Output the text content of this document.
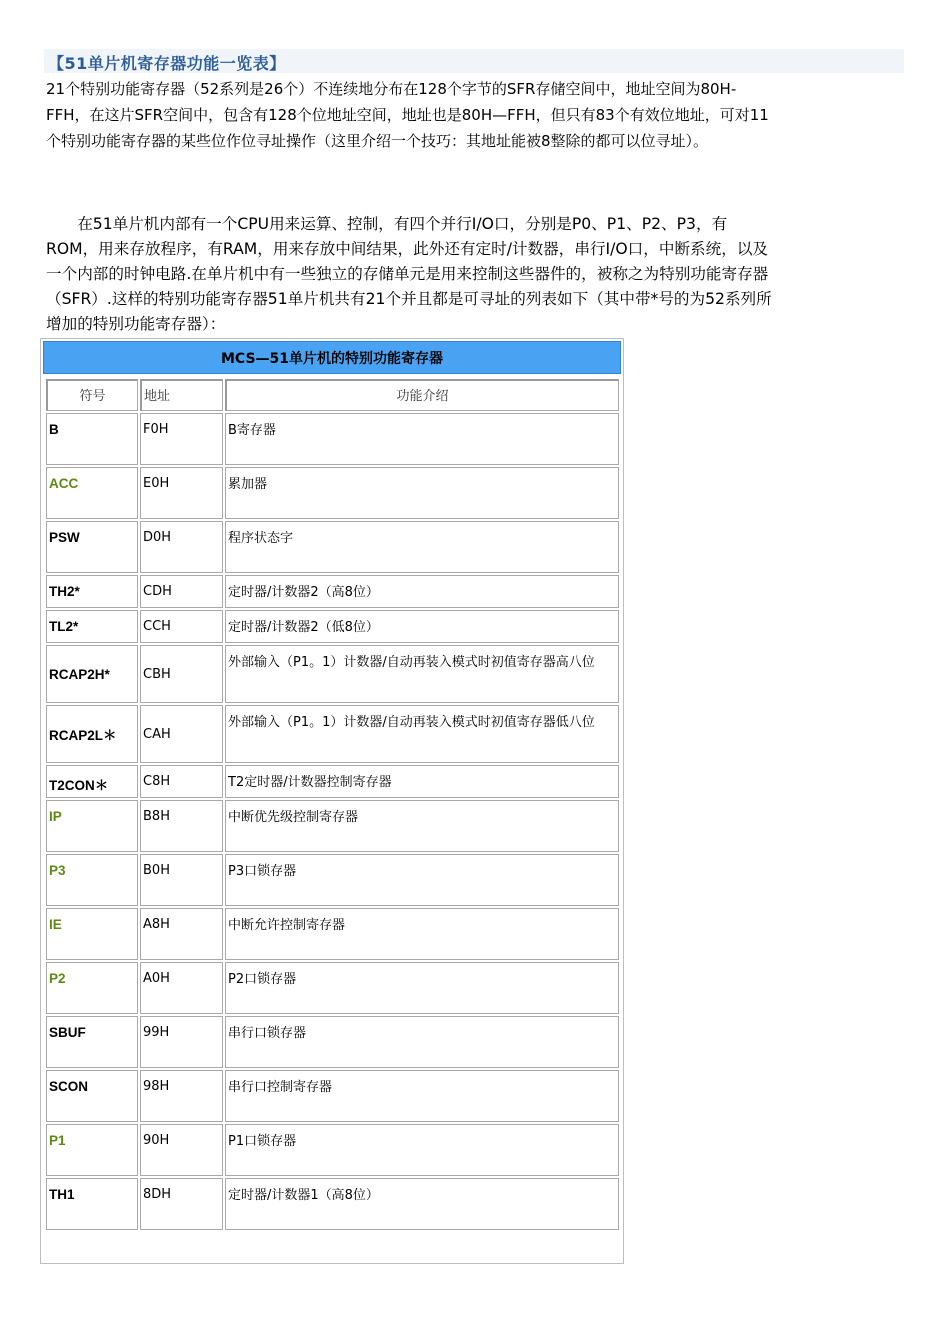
【51单片机寄存器功能一览表】

21个特别功能寄存器（52系列是26个）不连续地分布在128个字节的SFR存储空间中，地址空间为80H-

FFH，在这片SFR空间中，包含有128个位地址空间，地址也是80H—FFH，但只有83个有效位地址，可对11

个特别功能寄存器的某些位作位寻址操作（这里介绍一个技巧：其地址能被8整除的都可以位寻址）。

　　在51单片机内部有一个CPU用来运算、控制，有四个并行I/O口，分别是P0、P1、P2、P3，有

ROM，用来存放程序，有RAM，用来存放中间结果，此外还有定时/计数器，串行I/O口，中断系统，以及

一个内部的时钟电路.在单片机中有一些独立的存储单元是用来控制这些器件的，被称之为特别功能寄存器

（SFR）.这样的特别功能寄存器51单片机共有21个并且都是可寻址的列表如下（其中带*号的为52系列所

增加的特别功能寄存器）：

MCS—51单片机的特别功能寄存器
符号	地址	功能介绍
B	F0H	B寄存器
ACC	E0H	累加器
PSW	D0H	程序状态字
TH2*	CDH	定时器/计数器2（高8位）
TL2*	CCH	定时器/计数器2（低8位）
RCAP2H*	CBH	外部输入（P1。1）计数器/自动再装入模式时初值寄存器高八位
RCAP2L＊	CAH	外部输入（P1。1）计数器/自动再装入模式时初值寄存器低八位
T2CON＊	C8H	T2定时器/计数器控制寄存器
IP	B8H	中断优先级控制寄存器
P3	B0H	P3口锁存器
IE	A8H	中断允许控制寄存器
P2	A0H	P2口锁存器
SBUF	99H	串行口锁存器
SCON	98H	串行口控制寄存器
P1	90H	P1口锁存器
TH1	8DH	定时器/计数器1（高8位）
